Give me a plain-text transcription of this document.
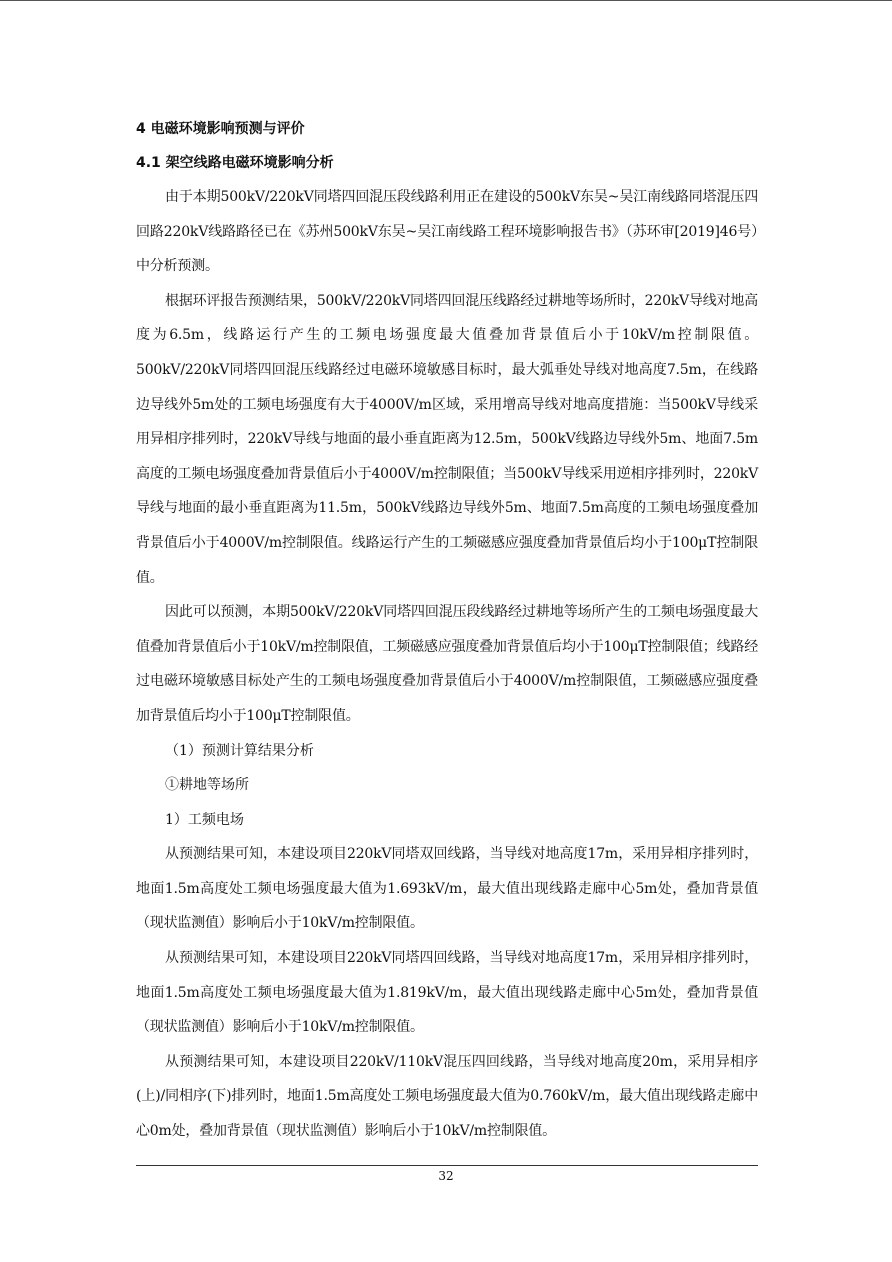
4 电磁环境影响预测与评价
4.1 架空线路电磁环境影响分析

由于本期500kV/220kV同塔四回混压段线路利用正在建设的500kV东吴~吴江南线路同塔混压四回路220kV线路路径已在《苏州500kV东吴~吴江南线路工程环境影响报告书》（苏环审[2019]46号）中分析预测。

根据环评报告预测结果，500kV/220kV同塔四回混压线路经过耕地等场所时，220kV导线对地高度为6.5m，线路运行产生的工频电场强度最大值叠加背景值后小于10kV/m控制限值。500kV/220kV同塔四回混压线路经过电磁环境敏感目标时，最大弧垂处导线对地高度7.5m，在线路边导线外5m处的工频电场强度有大于4000V/m区域，采用增高导线对地高度措施：当500kV导线采用异相序排列时，220kV导线与地面的最小垂直距离为12.5m，500kV线路边导线外5m、地面7.5m高度的工频电场强度叠加背景值后小于4000V/m控制限值；当500kV导线采用逆相序排列时，220kV导线与地面的最小垂直距离为11.5m，500kV线路边导线外5m、地面7.5m高度的工频电场强度叠加背景值后小于4000V/m控制限值。线路运行产生的工频磁感应强度叠加背景值后均小于100μT控制限值。

因此可以预测，本期500kV/220kV同塔四回混压段线路经过耕地等场所产生的工频电场强度最大值叠加背景值后小于10kV/m控制限值，工频磁感应强度叠加背景值后均小于100μT控制限值；线路经过电磁环境敏感目标处产生的工频电场强度叠加背景值后小于4000V/m控制限值，工频磁感应强度叠加背景值后均小于100μT控制限值。

（1）预测计算结果分析

①耕地等场所

1）工频电场

从预测结果可知，本建设项目220kV同塔双回线路，当导线对地高度17m，采用异相序排列时，地面1.5m高度处工频电场强度最大值为1.693kV/m，最大值出现线路走廊中心5m处，叠加背景值（现状监测值）影响后小于10kV/m控制限值。

从预测结果可知，本建设项目220kV同塔四回线路，当导线对地高度17m，采用异相序排列时，地面1.5m高度处工频电场强度最大值为1.819kV/m，最大值出现线路走廊中心5m处，叠加背景值（现状监测值）影响后小于10kV/m控制限值。

从预测结果可知，本建设项目220kV/110kV混压四回线路，当导线对地高度20m，采用异相序(上)/同相序(下)排列时，地面1.5m高度处工频电场强度最大值为0.760kV/m，最大值出现线路走廊中心0m处，叠加背景值（现状监测值）影响后小于10kV/m控制限值。

32
